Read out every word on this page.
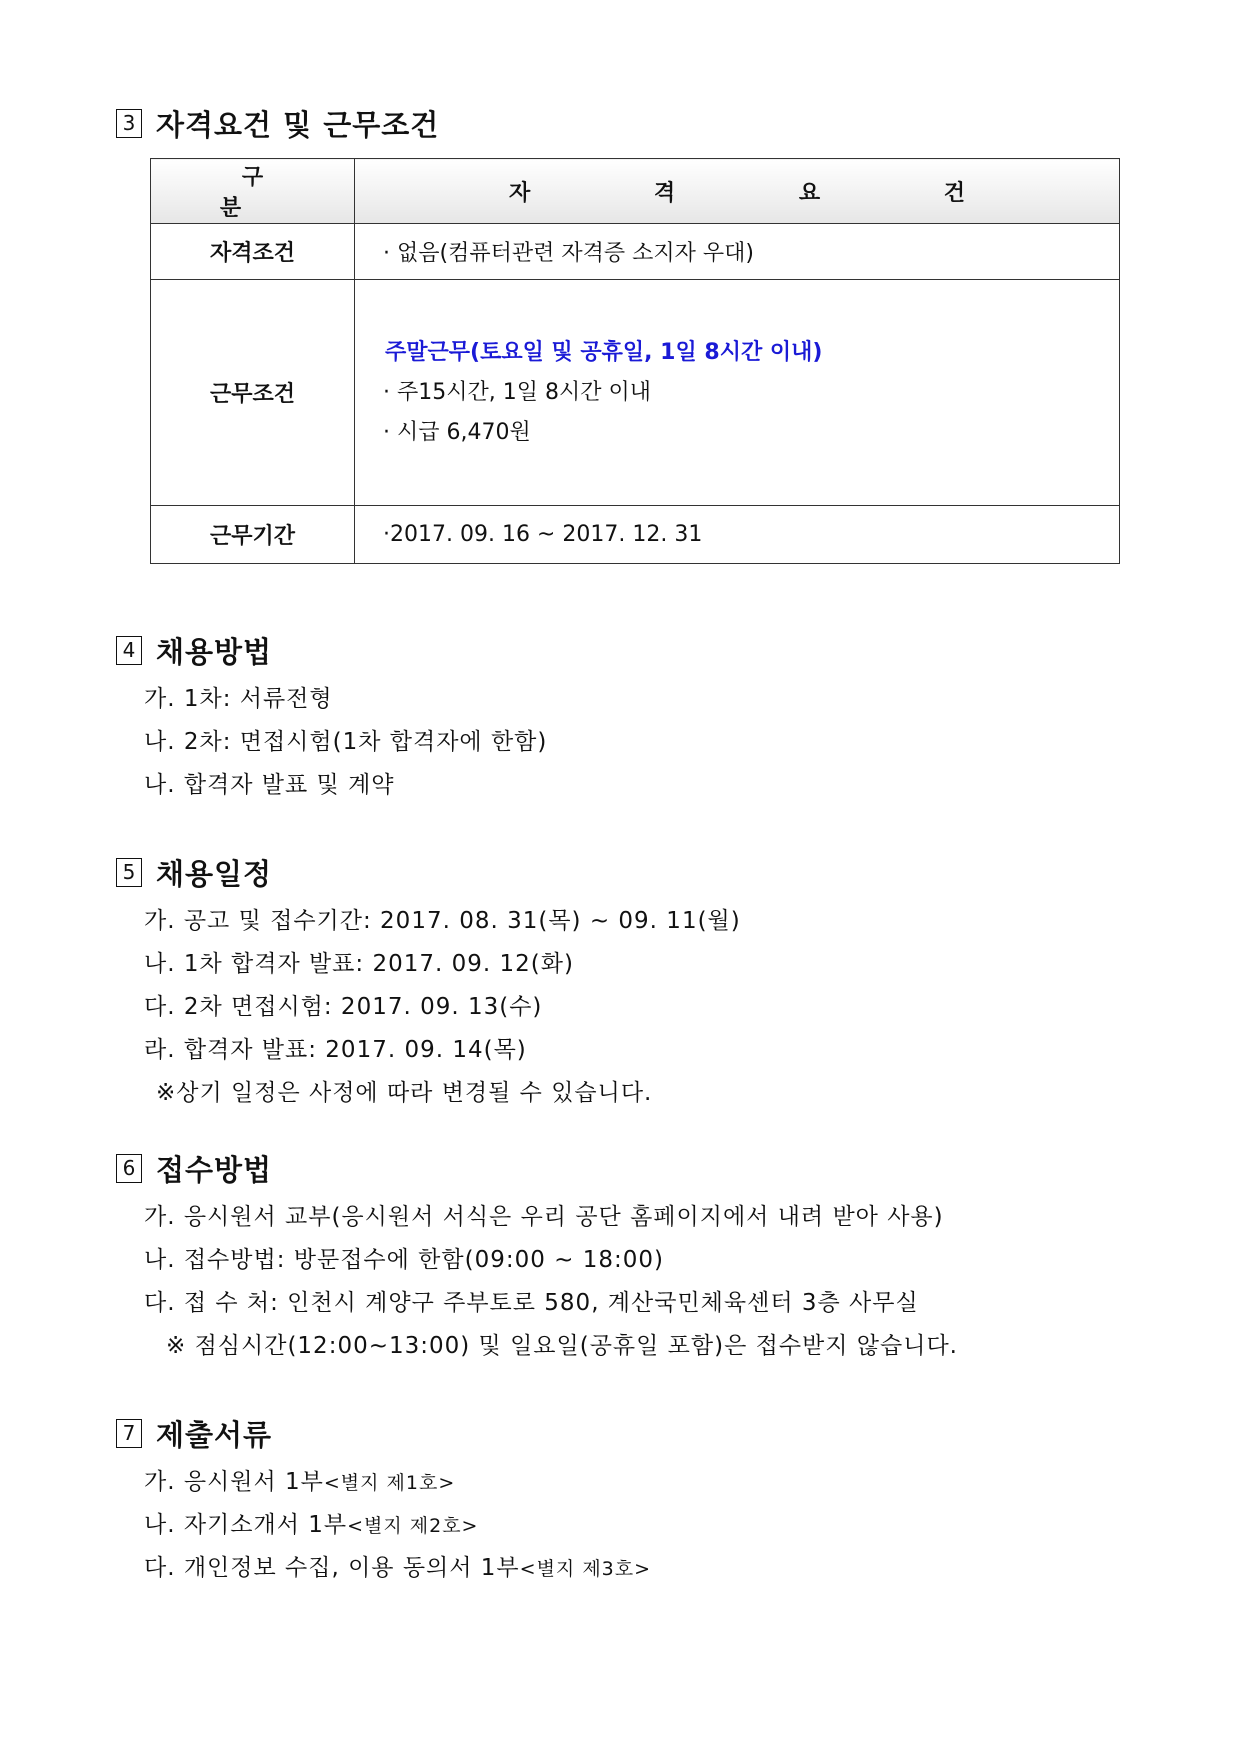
3 자격요건 및 근무조건
구 분	자 격 요 건
자격조건	· 없음(컴퓨터관련 자격증 소지자 우대)
근무조건	주말근무(토요일 및 공휴일, 1일 8시간 이내)
· 주15시간, 1일 8시간 이내
· 시급 6,470원

근무기간	·2017. 09. 16 ~ 2017. 12. 31
4 채용방법
가. 1차: 서류전형
나. 2차: 면접시험(1차 합격자에 한함)
나. 합격자 발표 및 계약
5 채용일정
가. 공고 및 접수기간: 2017. 08. 31(목) ~ 09. 11(월)
나. 1차 합격자 발표: 2017. 09. 12(화)
다. 2차 면접시험: 2017. 09. 13(수)
라. 합격자 발표: 2017. 09. 14(목)
※상기 일정은 사정에 따라 변경될 수 있습니다.
6 접수방법
가. 응시원서 교부(응시원서 서식은 우리 공단 홈페이지에서 내려 받아 사용)
나. 접수방법: 방문접수에 한함(09:00 ~ 18:00)
다. 접 수 처: 인천시 계양구 주부토로 580, 계산국민체육센터 3층 사무실
※ 점심시간(12:00~13:00) 및 일요일(공휴일 포함)은 접수받지 않습니다.
7 제출서류
가. 응시원서 1부<별지 제1호>
나. 자기소개서 1부<별지 제2호>
다. 개인정보 수집, 이용 동의서 1부<별지 제3호>
